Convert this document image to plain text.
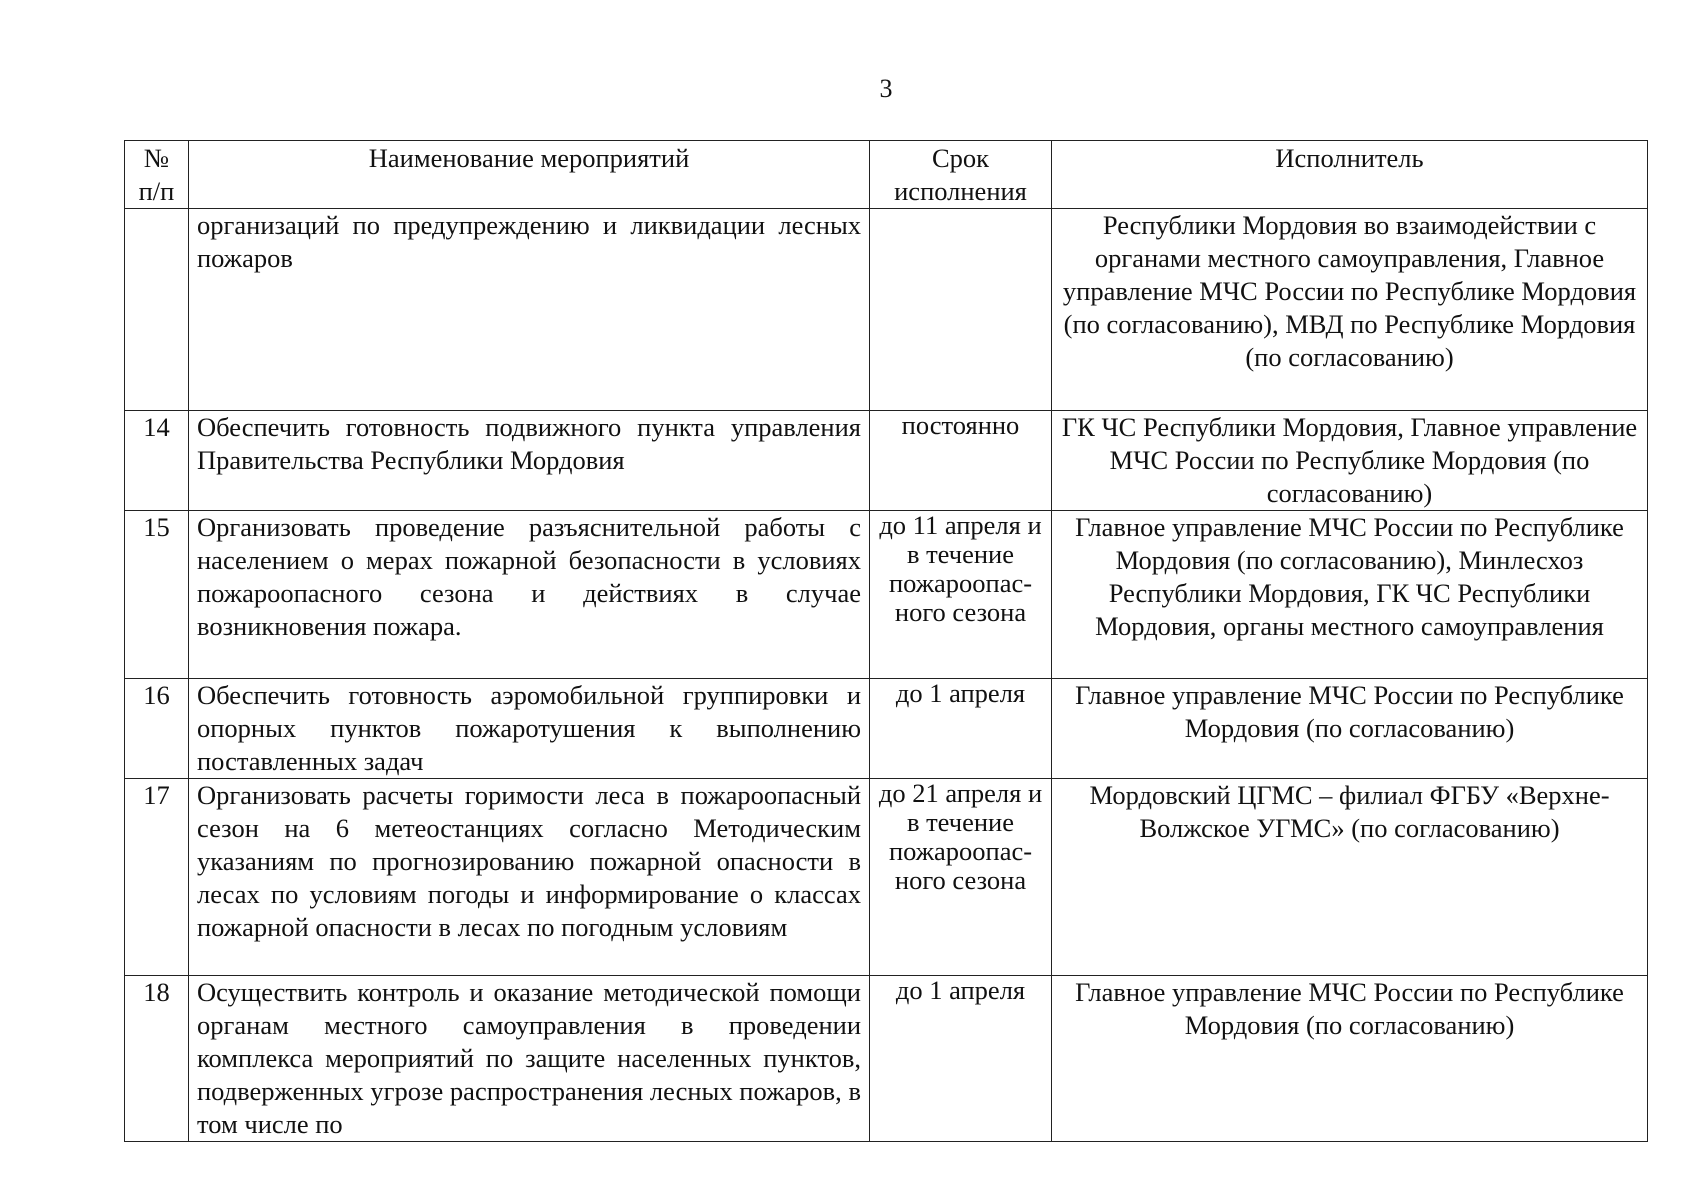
3
№ п/п	Наименование мероприятий	Срок исполнения	Исполнитель
	организаций по предупреждению и ликвидации лесных пожаров		Республики Мордовия во взаимодействии с органами местного самоуправления, Главное управление МЧС России по Республике Мордовия (по согласованию), МВД по Республике Мордовия (по согласованию)
14	Обеспечить готовность подвижного пункта управления Правительства Республики Мордовия	постоянно	ГК ЧС Республики Мордовия, Главное управление МЧС России по Республике Мордовия (по согласованию)
15	Организовать проведение разъяснительной работы с населением о мерах пожарной безопасности в условиях пожароопасного сезона и действиях в случае возникновения пожара.	до 11 апреля и в течение пожароопас-ного сезона	Главное управление МЧС России по Республике Мордовия (по согласованию), Минлесхоз Республики Мордовия, ГК ЧС Республики Мордовия, органы местного самоуправления
16	Обеспечить готовность аэромобильной группировки и опорных пунктов пожаротушения к выполнению поставленных задач	до 1 апреля	Главное управление МЧС России по Республике Мордовия (по согласованию)
17	Организовать расчеты горимости леса в пожароопасный сезон на 6 метеостанциях согласно Методическим указаниям по прогнозированию пожарной опасности в лесах по условиям погоды и информирование о классах пожарной опасности в лесах по погодным условиям	до 21 апреля и в течение пожароопас-ного сезона	Мордовский ЦГМС – филиал ФГБУ «Верхне-Волжское УГМС» (по согласованию)
18	Осуществить контроль и оказание методической помощи органам местного самоуправления в проведении комплекса мероприятий по защите населенных пунктов, подверженных угрозе распространения лесных пожаров, в том числе по	до 1 апреля	Главное управление МЧС России по Республике Мордовия (по согласованию)
